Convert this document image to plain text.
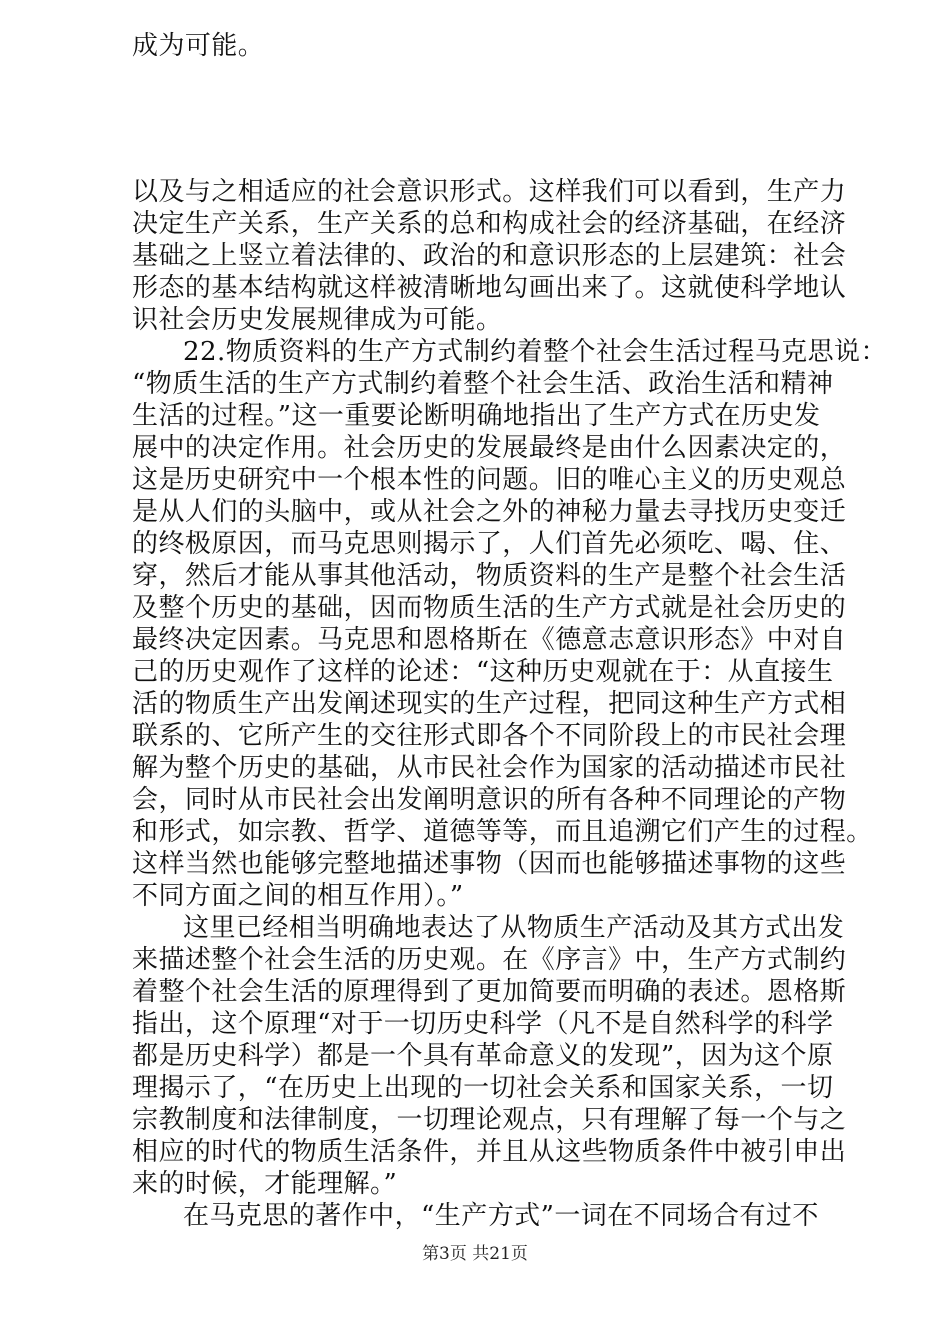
成为可能。

以及与之相适应的社会意识形式。这样我们可以看到，生产力

决定生产关系，生产关系的总和构成社会的经济基础，在经济

基础之上竖立着法律的、政治的和意识形态的上层建筑：社会

形态的基本结构就这样被清晰地勾画出来了。这就使科学地认

识社会历史发展规律成为可能。

22.物质资料的生产方式制约着整个社会生活过程马克思说：

“物质生活的生产方式制约着整个社会生活、政治生活和精神

生活的过程。”这一重要论断明确地指出了生产方式在历史发

展中的决定作用。社会历史的发展最终是由什么因素决定的，

这是历史研究中一个根本性的问题。旧的唯心主义的历史观总

是从人们的头脑中，或从社会之外的神秘力量去寻找历史变迁

的终极原因，而马克思则揭示了，人们首先必须吃、喝、住、

穿，然后才能从事其他活动，物质资料的生产是整个社会生活

及整个历史的基础，因而物质生活的生产方式就是社会历史的

最终决定因素。马克思和恩格斯在《德意志意识形态》中对自

己的历史观作了这样的论述：“这种历史观就在于：从直接生

活的物质生产出发阐述现实的生产过程，把同这种生产方式相

联系的、它所产生的交往形式即各个不同阶段上的市民社会理

解为整个历史的基础，从市民社会作为国家的活动描述市民社

会，同时从市民社会出发阐明意识的所有各种不同理论的产物

和形式，如宗教、哲学、道德等等，而且追溯它们产生的过程。

这样当然也能够完整地描述事物（因而也能够描述事物的这些

不同方面之间的相互作用）。”

这里已经相当明确地表达了从物质生产活动及其方式出发

来描述整个社会生活的历史观。在《序言》中，生产方式制约

着整个社会生活的原理得到了更加简要而明确的表述。恩格斯

指出，这个原理“对于一切历史科学（凡不是自然科学的科学

都是历史科学）都是一个具有革命意义的发现”，因为这个原

理揭示了，“在历史上出现的一切社会关系和国家关系，一切

宗教制度和法律制度，一切理论观点，只有理解了每一个与之

相应的时代的物质生活条件，并且从这些物质条件中被引申出

来的时候，才能理解。”

在马克思的著作中，“生产方式”一词在不同场合有过不

第3页 共21页
